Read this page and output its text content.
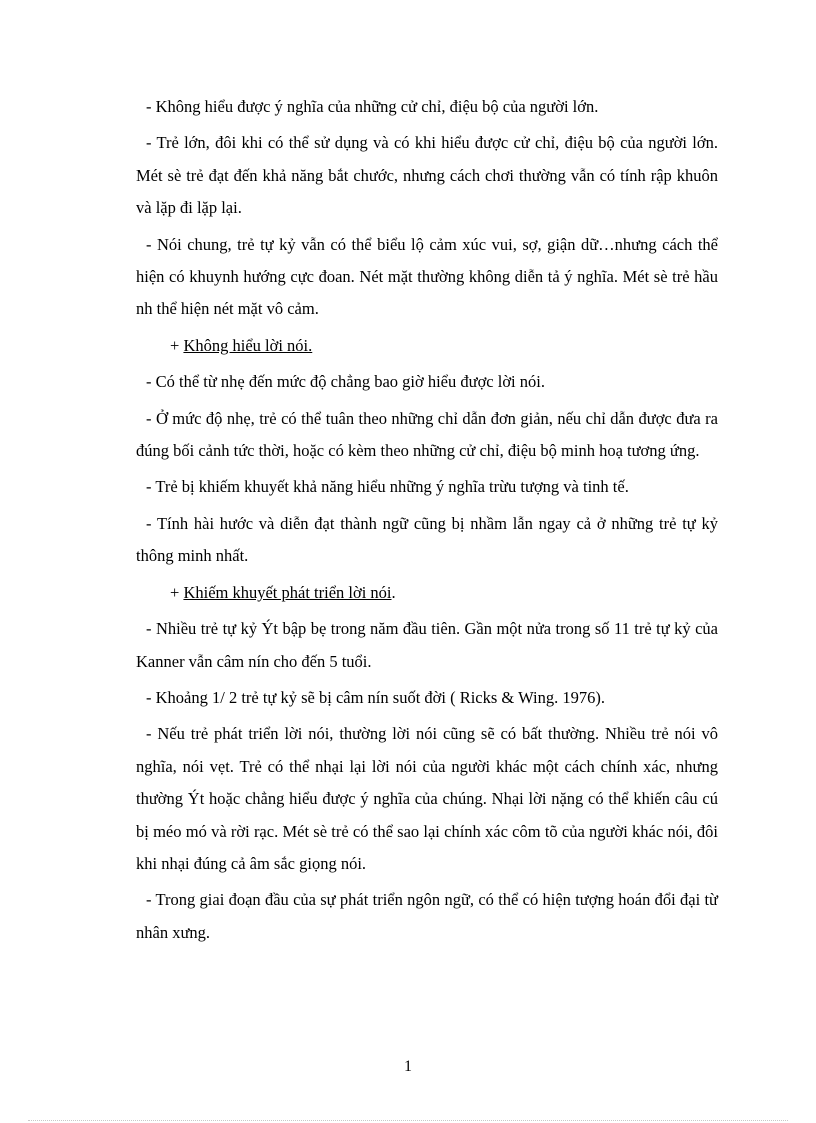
- Không hiểu được ý nghĩa của những cử chỉ, điệu bộ của người lớn.

- Trẻ lớn, đôi khi có thể sử dụng và có khi hiểu được cử chỉ, điệu bộ của người lớn. Mét sè trẻ đạt đến khả năng bắt chước, nhưng cách chơi thường vẫn có tính rập khuôn và lặp đi lặp lại.

- Nói chung, trẻ tự kỷ vẫn có thể biểu lộ cảm xúc vui, sợ, giận dữ…nhưng cách thể hiện có khuynh hướng cực đoan. Nét mặt thường không diễn tả ý nghĩa. Mét sè trẻ hầu nh thể hiện nét mặt vô cảm.

+ Không hiểu lời nói.

- Có thể từ nhẹ đến mức độ chẳng bao giờ hiểu được lời nói.

- Ở mức độ nhẹ, trẻ có thể tuân theo những chỉ dẫn đơn giản, nếu chỉ dẫn được đưa ra đúng bối cảnh tức thời, hoặc có kèm theo những cử chỉ, điệu bộ minh hoạ tương ứng.

- Trẻ bị khiếm khuyết khả năng hiểu những ý nghĩa trừu tượng và tinh tế.

- Tính hài hước và diễn đạt thành ngữ cũng bị nhầm lẫn ngay cả ở những trẻ tự kỷ thông minh nhất.

+ Khiếm khuyết phát triển lời nói.

- Nhiều trẻ tự kỷ Ýt bập bẹ trong năm đầu tiên. Gần một nửa trong số 11 trẻ tự kỷ của Kanner vẫn câm nín cho đến 5 tuổi.

- Khoảng 1/ 2 trẻ tự kỷ sẽ bị câm nín suốt đời ( Ricks & Wing. 1976).

- Nếu trẻ phát triển lời nói, thường lời nói cũng sẽ có bất thường. Nhiều trẻ nói vô nghĩa, nói vẹt. Trẻ có thể nhại lại lời nói của người khác một cách chính xác, nhưng thường Ýt hoặc chẳng hiểu được ý nghĩa của chúng. Nhại lời nặng có thể khiến câu cú bị méo mó và rời rạc. Mét sè trẻ có thể sao lại chính xác côm tõ của người khác nói, đôi khi nhại đúng cả âm sắc giọng nói.

- Trong giai đoạn đầu của sự phát triển ngôn ngữ, có thể có hiện tượng hoán đổi đại từ nhân xưng.

1
